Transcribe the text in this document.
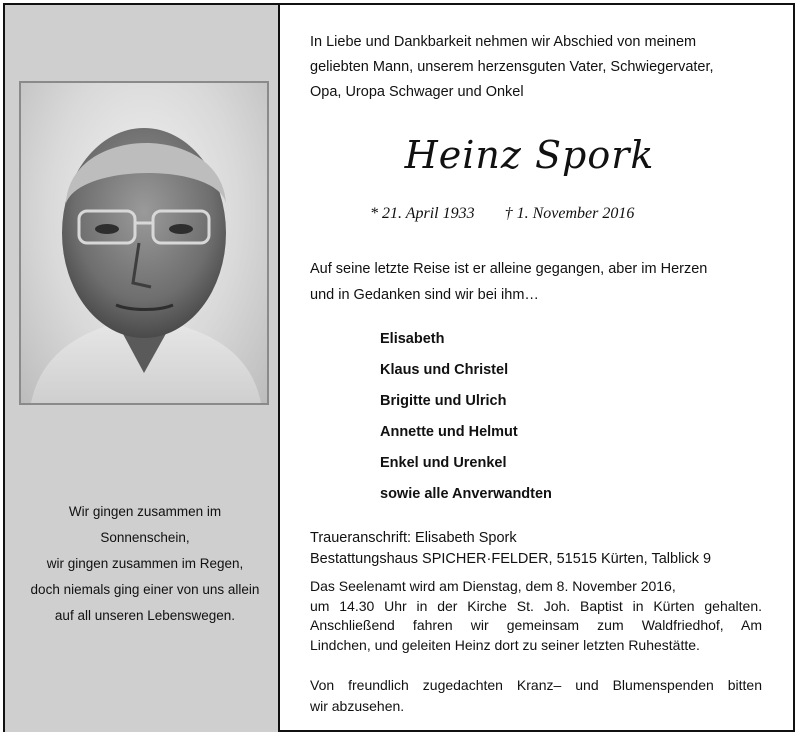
Wir gingen zusammen im
Sonnenschein,
wir gingen zusammen im Regen,
doch niemals ging einer von uns allein
auf all unseren Lebenswegen.
In Liebe und Dankbarkeit nehmen wir Abschied von meinem
geliebten Mann, unserem herzensguten Vater, Schwiegervater,
Opa, Uropa Schwager und Onkel
Heinz Spork
* 21. April 1933 † 1. November 2016
Auf seine letzte Reise ist er alleine gegangen, aber im Herzen
und in Gedanken sind wir bei ihm…
Elisabeth
Klaus und Christel
Brigitte und Ulrich
Annette und Helmut
Enkel und Urenkel
sowie alle Anverwandten
Traueranschrift: Elisabeth Spork
Bestattungshaus SPICHER·FELDER, 51515 Kürten, Talblick 9
Das Seelenamt wird am Dienstag, dem 8. November 2016,
um 14.30 Uhr in der Kirche St. Joh. Baptist in Kürten gehalten.
Anschließend fahren wir gemeinsam zum Waldfriedhof, Am
Lindchen, und geleiten Heinz dort zu seiner letzten Ruhestätte.
Von freundlich zugedachten Kranz– und Blumenspenden bitten
wir abzusehen.
